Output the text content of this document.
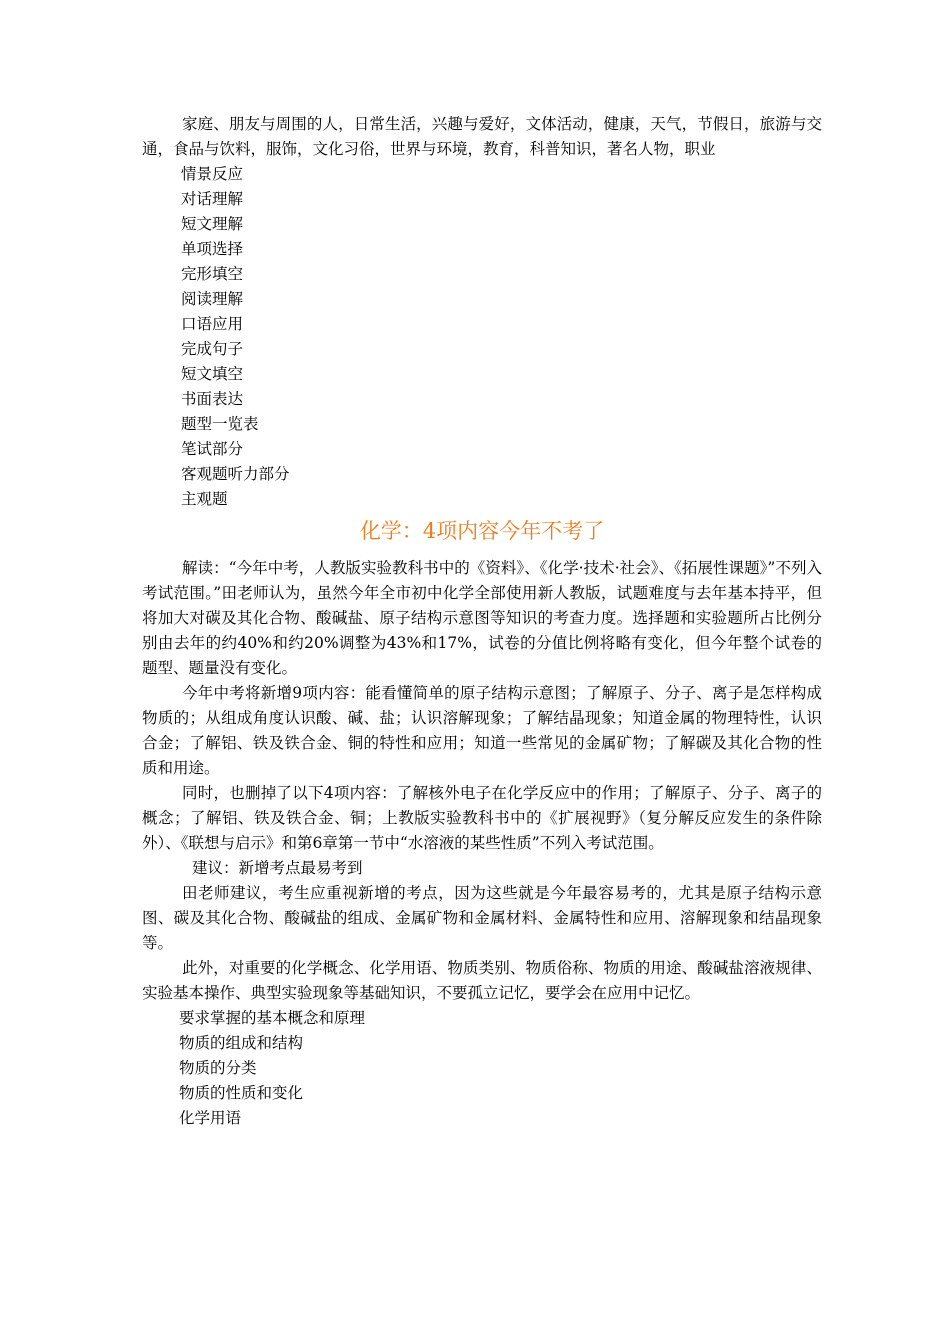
家庭、朋友与周围的人，日常生活，兴趣与爱好，文体活动，健康，天气，节假日，旅游与交通，食品与饮料，服饰，文化习俗，世界与环境，教育，科普知识，著名人物，职业

情景反应

对话理解

短文理解

单项选择

完形填空

阅读理解

口语应用

完成句子

短文填空

书面表达

题型一览表

笔试部分

客观题听力部分

主观题

化学：4项内容今年不考了

解读：“今年中考，人教版实验教科书中的《资料》、《化学·技术·社会》、《拓展性课题》”不列入考试范围。”田老师认为，虽然今年全市初中化学全部使用新人教版，试题难度与去年基本持平，但将加大对碳及其化合物、酸碱盐、原子结构示意图等知识的考查力度。选择题和实验题所占比例分别由去年的约40%和约20%调整为43%和17%，试卷的分值比例将略有变化，但今年整个试卷的题型、题量没有变化。

今年中考将新增9项内容：能看懂简单的原子结构示意图；了解原子、分子、离子是怎样构成物质的；从组成角度认识酸、碱、盐；认识溶解现象；了解结晶现象；知道金属的物理特性，认识合金；了解铝、铁及铁合金、铜的特性和应用；知道一些常见的金属矿物；了解碳及其化合物的性质和用途。

同时，也删掉了以下4项内容：了解核外电子在化学反应中的作用；了解原子、分子、离子的概念；了解铝、铁及铁合金、铜；上教版实验教科书中的《扩展视野》（复分解反应发生的条件除外）、《联想与启示》和第6章第一节中“水溶液的某些性质”不列入考试范围。

建议：新增考点最易考到

田老师建议，考生应重视新增的考点，因为这些就是今年最容易考的，尤其是原子结构示意图、碳及其化合物、酸碱盐的组成、金属矿物和金属材料、金属特性和应用、溶解现象和结晶现象等。

此外，对重要的化学概念、化学用语、物质类别、物质俗称、物质的用途、酸碱盐溶液规律、实验基本操作、典型实验现象等基础知识，不要孤立记忆，要学会在应用中记忆。

要求掌握的基本概念和原理

物质的组成和结构

物质的分类

物质的性质和变化

化学用语
